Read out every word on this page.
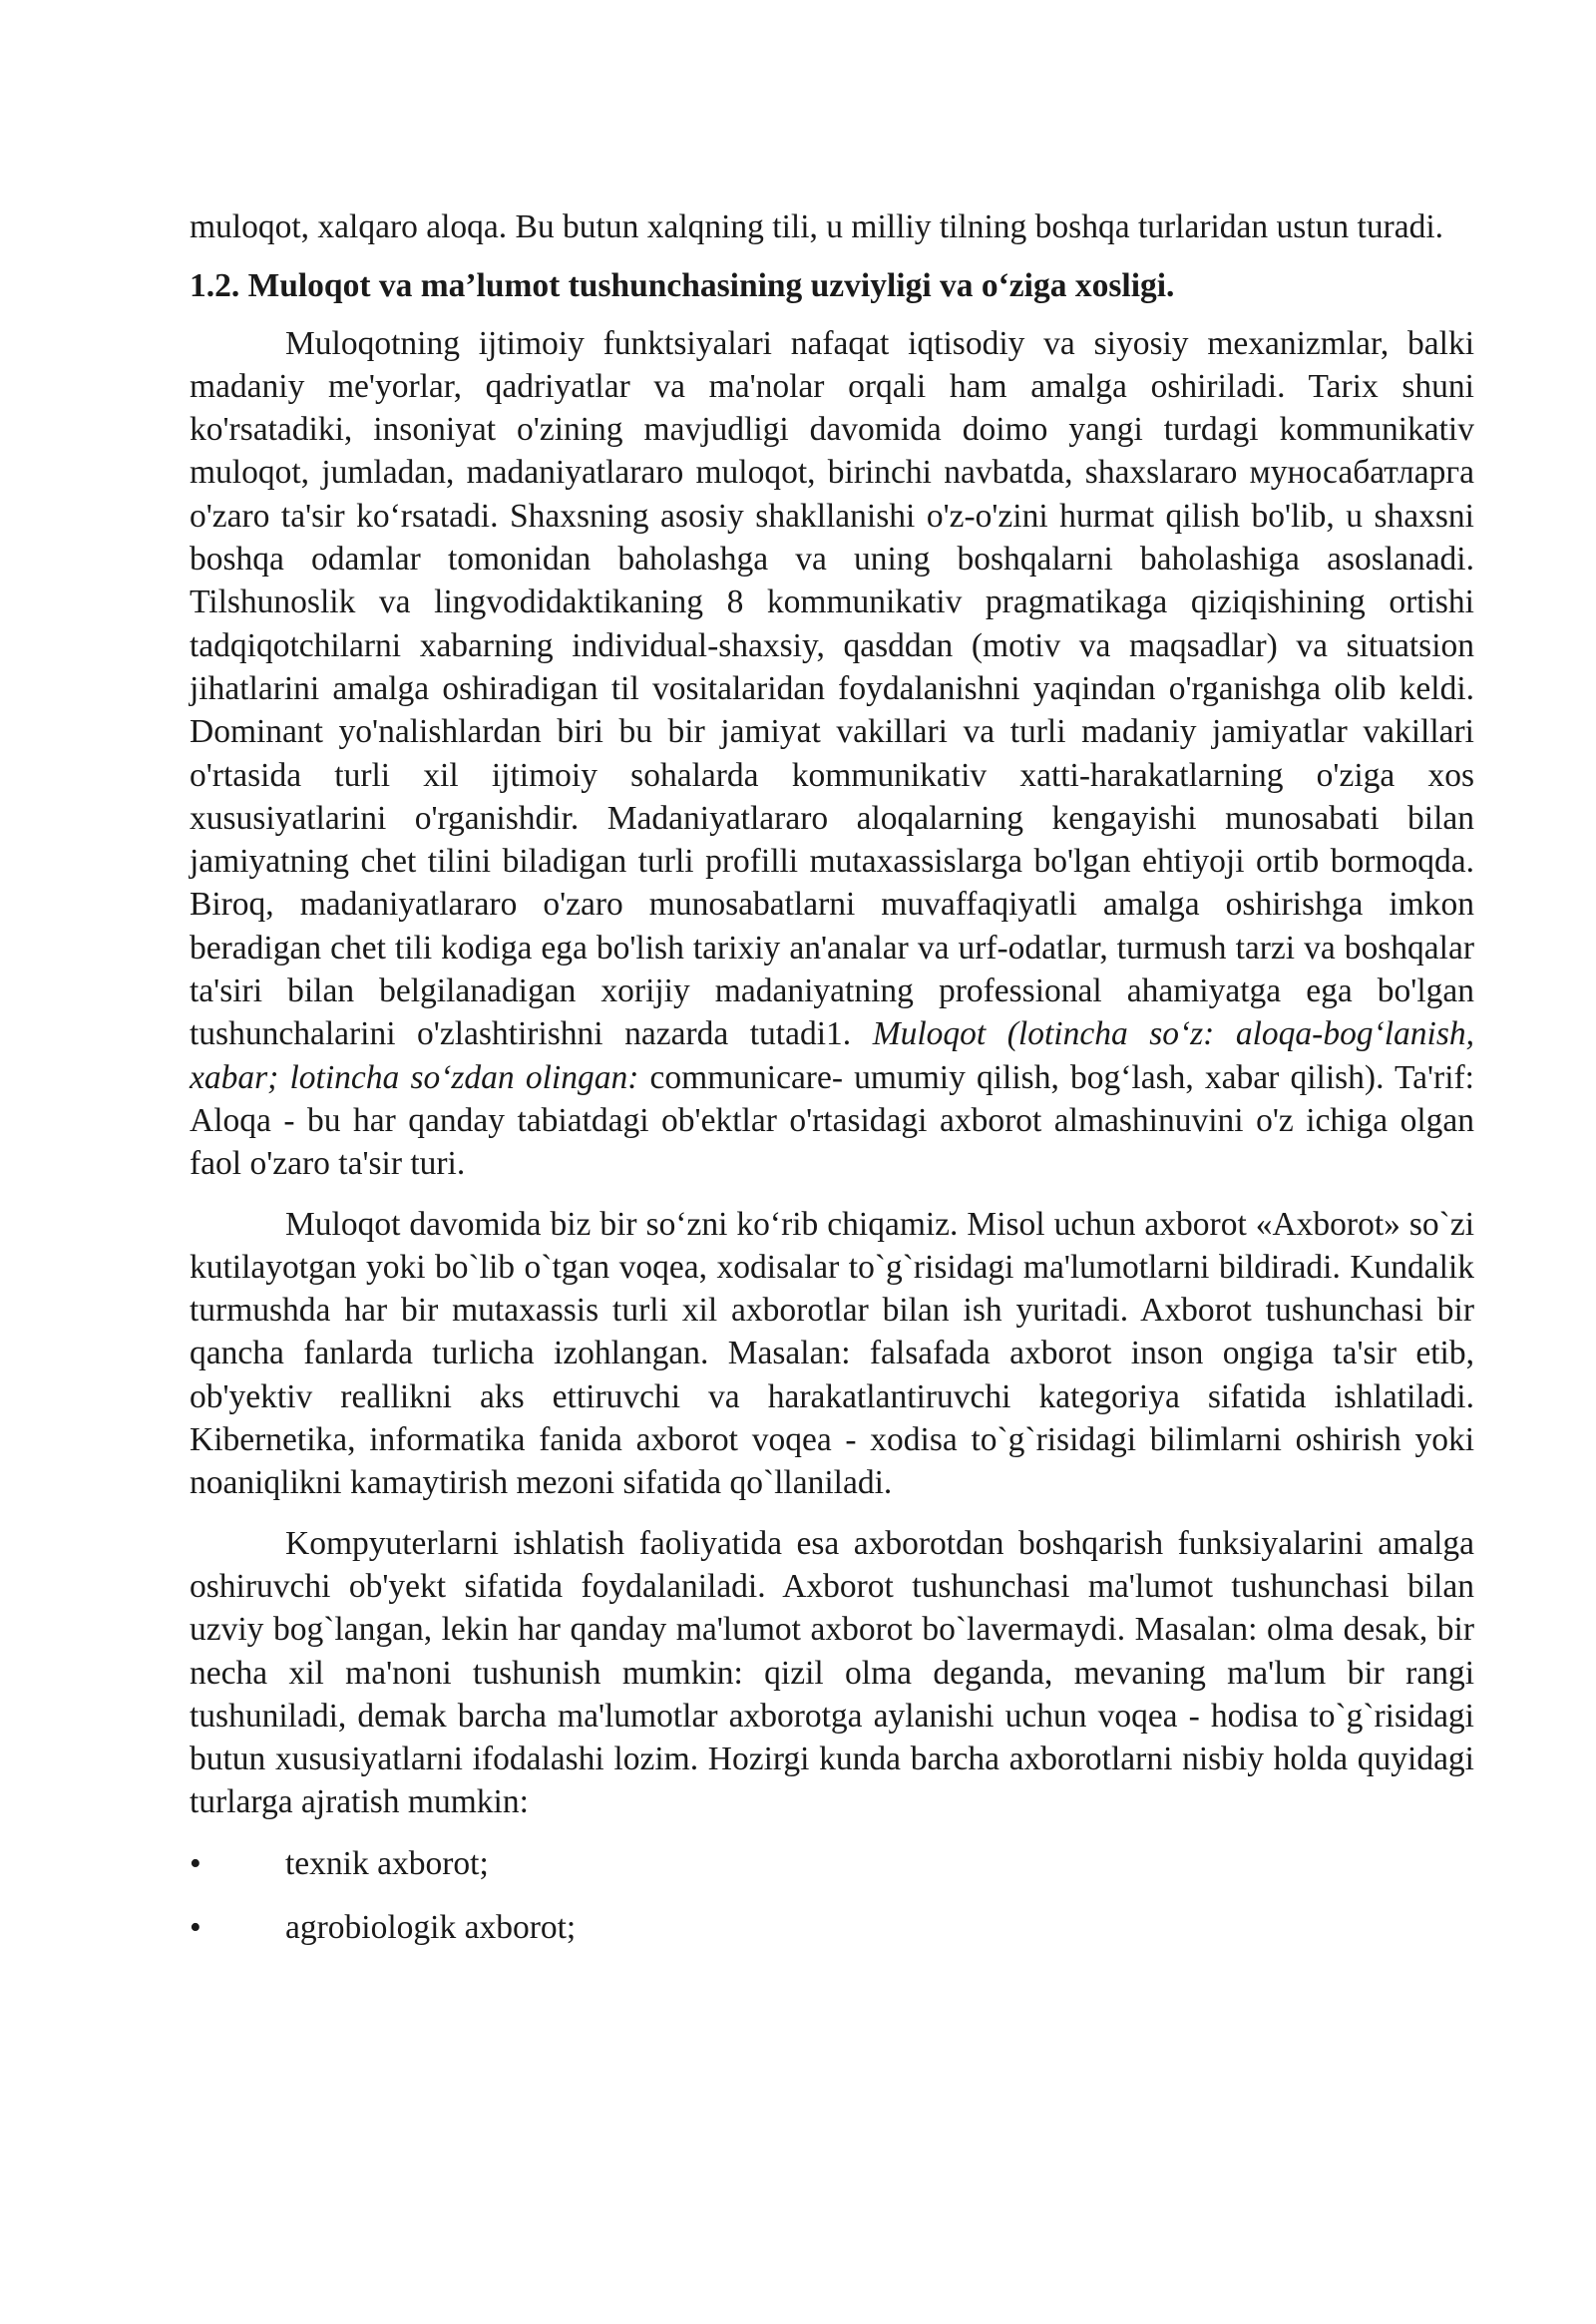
muloqot, xalqaro aloqa. Bu butun xalqning tili, u milliy tilning boshqa turlaridan ustun turadi.

1.2. Muloqot va ma’lumot tushunchasining uzviyligi va o‘ziga xosligi.

Muloqotning ijtimoiy funktsiyalari nafaqat iqtisodiy va siyosiy mexanizmlar, balki madaniy me'yorlar, qadriyatlar va ma'nolar orqali ham amalga oshiriladi. Tarix shuni ko'rsatadiki, insoniyat o'zining mavjudligi davomida doimo yangi turdagi kommunikativ muloqot, jumladan, madaniyatlararo muloqot, birinchi navbatda, shaxslararo муносабатларга o'zaro ta'sir ko‘rsatadi. Shaxsning asosiy shakllanishi o'z-o'zini hurmat qilish bo'lib, u shaxsni boshqa odamlar tomonidan baholashga va uning boshqalarni baholashiga asoslanadi. Tilshunoslik va lingvodidaktikaning 8 kommunikativ pragmatikaga qiziqishining ortishi tadqiqotchilarni xabarning individual-shaxsiy, qasddan (motiv va maqsadlar) va situatsion jihatlarini amalga oshiradigan til vositalaridan foydalanishni yaqindan o'rganishga olib keldi. Dominant yo'nalishlardan biri bu bir jamiyat vakillari va turli madaniy jamiyatlar vakillari o'rtasida turli xil ijtimoiy sohalarda kommunikativ xatti-harakatlarning o'ziga xos xususiyatlarini o'rganishdir. Madaniyatlararo aloqalarning kengayishi munosabati bilan jamiyatning chet tilini biladigan turli profilli mutaxassislarga bo'lgan ehtiyoji ortib bormoqda. Biroq, madaniyatlararo o'zaro munosabatlarni muvaffaqiyatli amalga oshirishga imkon beradigan chet tili kodiga ega bo'lish tarixiy an'analar va urf-odatlar, turmush tarzi va boshqalar ta'siri bilan belgilanadigan xorijiy madaniyatning professional ahamiyatga ega bo'lgan tushunchalarini o'zlashtirishni nazarda tutadi1. Muloqot (lotincha so‘z: aloqa-bog‘lanish, xabar; lotincha so‘zdan olingan: communicare- umumiy qilish, bog‘lash, xabar qilish). Ta'rif: Aloqa - bu har qanday tabiatdagi ob'ektlar o'rtasidagi axborot almashinuvini o'z ichiga olgan faol o'zaro ta'sir turi.

Muloqot davomida biz bir so‘zni ko‘rib chiqamiz. Misol uchun axborot «Axborot» so`zi kutilayotgan yoki bo`lib o`tgan voqea, xodisalar to`g`risidagi ma'lumotlarni bildiradi. Kundalik turmushda har bir mutaxassis turli xil axborotlar bilan ish yuritadi. Axborot tushunchasi bir qancha fanlarda turlicha izohlangan. Masalan: falsafada axborot inson ongiga ta'sir etib, ob'yektiv reallikni aks ettiruvchi va harakatlantiruvchi kategoriya sifatida ishlatiladi. Kibernetika, informatika fanida axborot voqea - xodisa to`g`risidagi bilimlarni oshirish yoki noaniqlikni kamaytirish mezoni sifatida qo`llaniladi.

Kompyuterlarni ishlatish faoliyatida esa axborotdan boshqarish funksiyalarini amalga oshiruvchi ob'yekt sifatida foydalaniladi. Axborot tushunchasi ma'lumot tushunchasi bilan uzviy bog`langan, lekin har qanday ma'lumot axborot bo`lavermaydi. Masalan: olma desak, bir necha xil ma'noni tushunish mumkin: qizil olma deganda, mevaning ma'lum bir rangi tushuniladi, demak barcha ma'lumotlar axborotga aylanishi uchun voqea - hodisa to`g`risidagi butun xususiyatlarni ifodalashi lozim. Hozirgi kunda barcha axborotlarni nisbiy holda quyidagi turlarga ajratish mumkin:

•	texnik axborot;
•	agrobiologik axborot;
